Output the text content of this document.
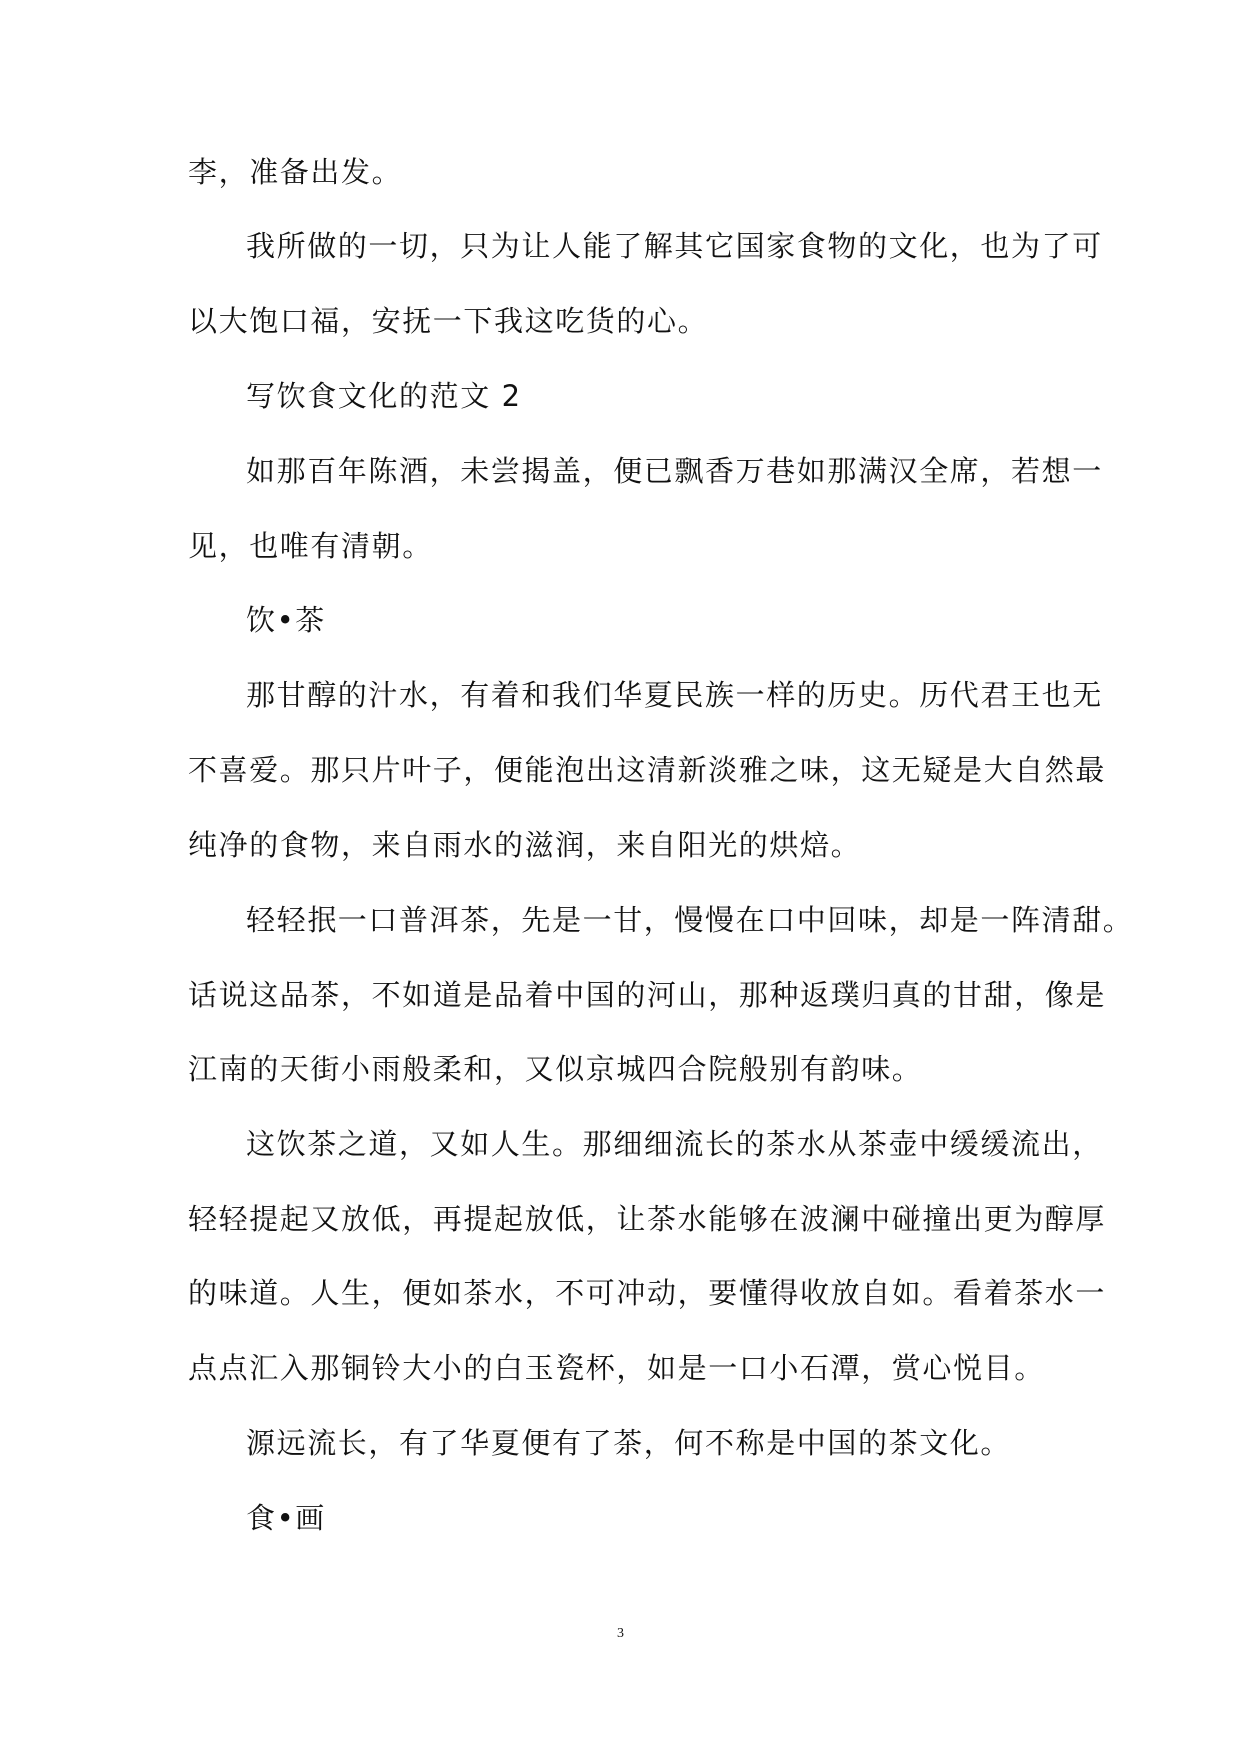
李，准备出发。
我所做的一切，只为让人能了解其它国家食物的文化，也为了可
以大饱口福，安抚一下我这吃货的心。
写饮食文化的范文 2
如那百年陈酒，未尝揭盖，便已飘香万巷如那满汉全席，若想一
见，也唯有清朝。
饮•茶
那甘醇的汁水，有着和我们华夏民族一样的历史。历代君王也无
不喜爱。那只片叶子，便能泡出这清新淡雅之味，这无疑是大自然最
纯净的食物，来自雨水的滋润，来自阳光的烘焙。
轻轻抿一口普洱茶，先是一甘，慢慢在口中回味，却是一阵清甜。
话说这品茶，不如道是品着中国的河山，那种返璞归真的甘甜，像是
江南的天街小雨般柔和，又似京城四合院般别有韵味。
这饮茶之道，又如人生。那细细流长的茶水从茶壶中缓缓流出，
轻轻提起又放低，再提起放低，让茶水能够在波澜中碰撞出更为醇厚
的味道。人生，便如茶水，不可冲动，要懂得收放自如。看着茶水一
点点汇入那铜铃大小的白玉瓷杯，如是一口小石潭，赏心悦目。
源远流长，有了华夏便有了茶，何不称是中国的茶文化。
食•画
3
